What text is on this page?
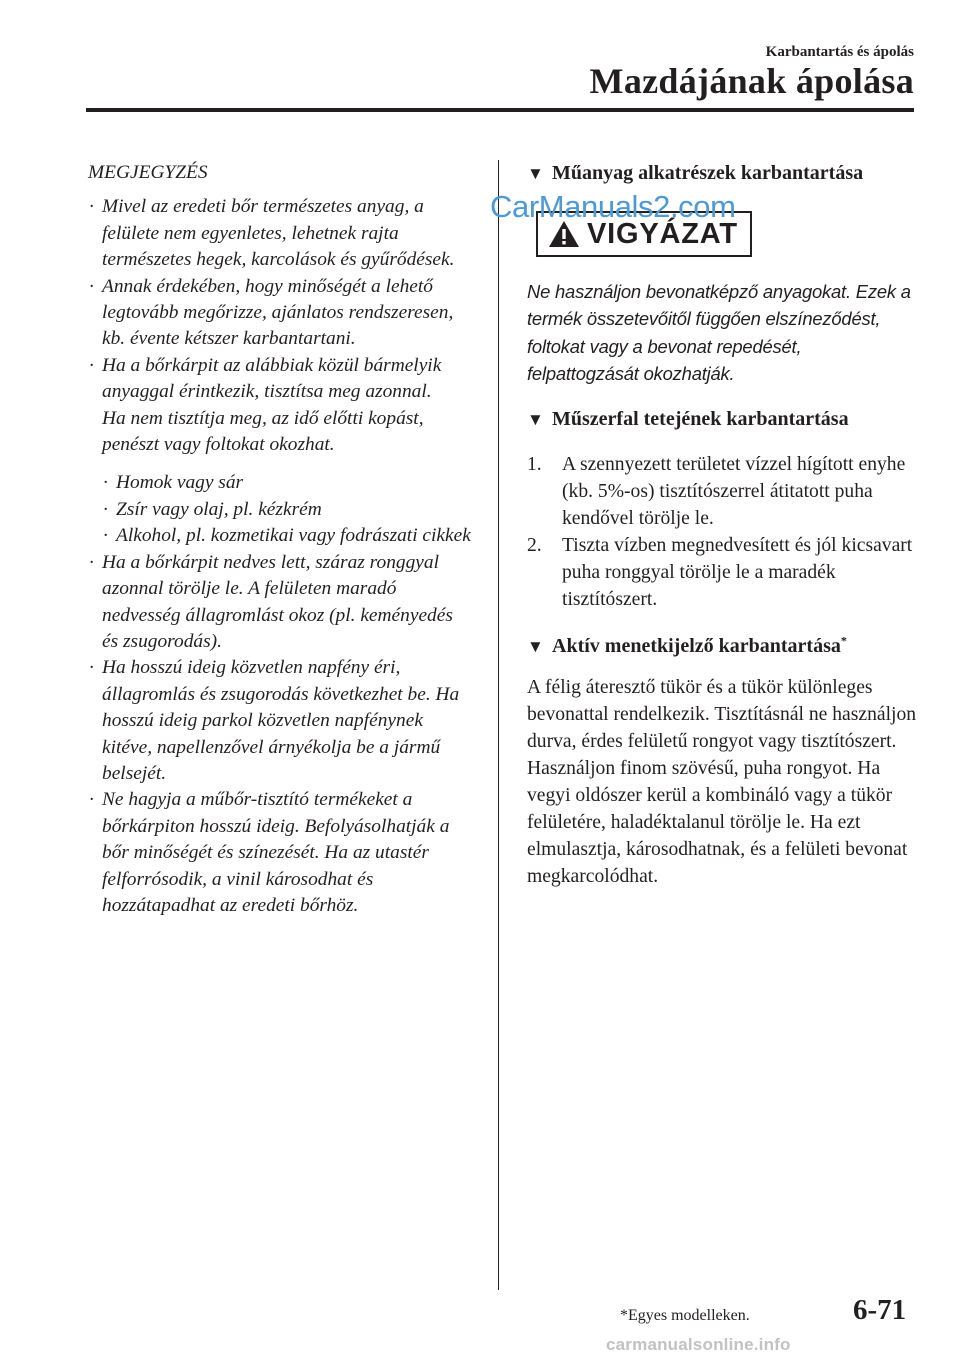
Karbantartás és ápolás
Mazdájának ápolása
MEGJEGYZÉS
· Mivel az eredeti bőr természetes anyag, a felülete nem egyenletes, lehetnek rajta természetes hegek, karcolások és gyűrődések.
· Annak érdekében, hogy minőségét a lehető legtovább megőrizze, ajánlatos rendszeresen, kb. évente kétszer karbantartani.
· Ha a bőrkárpit az alábbiak közül bármelyik anyaggal érintkezik, tisztítsa meg azonnal.
Ha nem tisztítja meg, az idő előtti kopást, penészt vagy foltokat okozhat.
· Homok vagy sár
· Zsír vagy olaj, pl. kézkrém
· Alkohol, pl. kozmetikai vagy fodrászati cikkek
· Ha a bőrkárpit nedves lett, száraz ronggyal azonnal törölje le. A felületen maradó nedvesség állagromlást okoz (pl. keményedés és zsugorodás).
· Ha hosszú ideig közvetlen napfény éri, állagromlás és zsugorodás következhet be. Ha hosszú ideig parkol közvetlen napfénynek kitéve, napellenzővel árnyékolja be a jármű belsejét.
· Ne hagyja a műbőr-tisztító termékeket a bőrkárpiton hosszú ideig. Befolyásolhatják a bőr minőségét és színezését. Ha az utastér felforrósodik, a vinil károsodhat és hozzátapadhat az eredeti bőrhöz.
▼ Műanyag alkatrészek karbantartása
VIGYÁZAT
Ne használjon bevonatképző anyagokat. Ezek a termék összetevőitől függően elszíneződést, foltokat vagy a bevonat repedését, felpattogzását okozhatják.
▼ Műszerfal tetejének karbantartása
1. A szennyezett területet vízzel hígított enyhe (kb. 5%-os) tisztítószerrel átitatott puha kendővel törölje le.
2. Tiszta vízben megnedvesített és jól kicsavart puha ronggyal törölje le a maradék tisztítószert.
▼ Aktív menetkijelző karbantartása*
A félig áteresztő tükör és a tükör különleges bevonattal rendelkezik. Tisztításnál ne használjon durva, érdes felületű rongyot vagy tisztítószert. Használjon finom szövésű, puha rongyot. Ha vegyi oldószer kerül a kombináló vagy a tükör felületére, haladéktalanul törölje le. Ha ezt elmulasztja, károsodhatnak, és a felületi bevonat megkarcolódhat.
CarManuals2.com
*Egyes modelleken.	6-71
carmanualsonline.info
